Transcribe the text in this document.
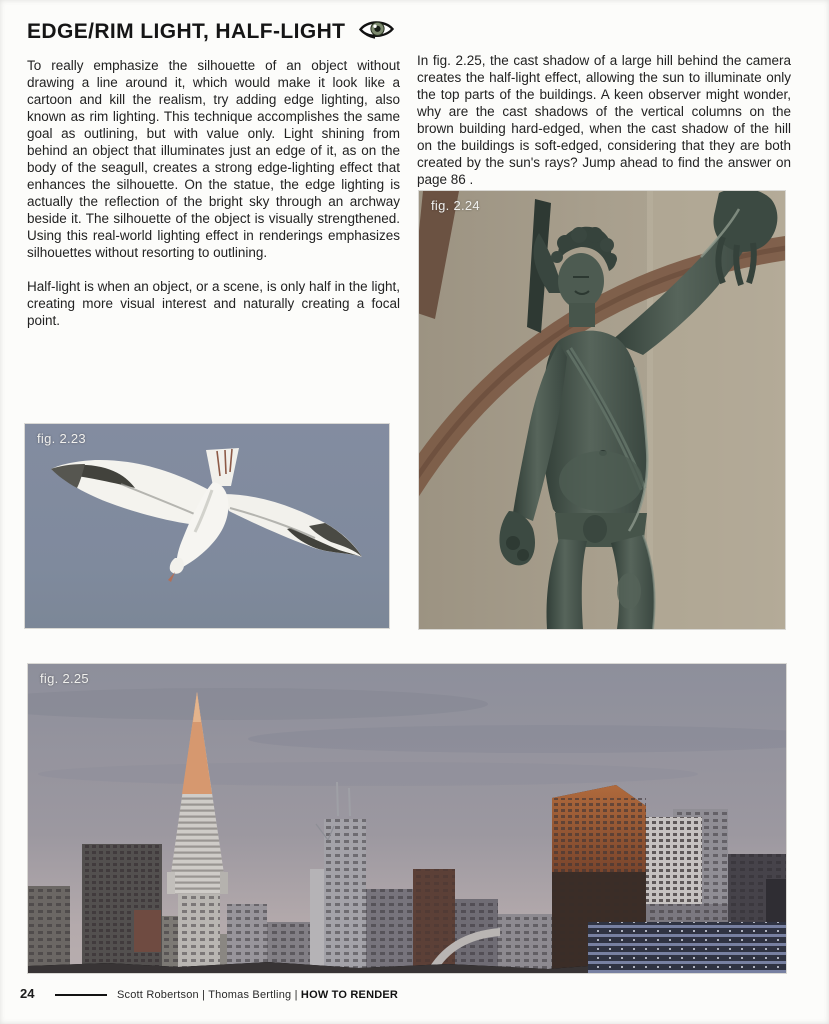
EDGE/RIM LIGHT, HALF-LIGHT

To really emphasize the silhouette of an object without drawing a line around it, which would make it look like a cartoon and kill the realism, try adding edge lighting, also known as rim lighting. This technique accomplishes the same goal as outlining, but with value only. Light shining from behind an object that illuminates just an edge of it, as on the body of the seagull, creates a strong edge-lighting effect that enhances the silhouette. On the statue, the edge lighting is actually the reflection of the bright sky through an archway beside it. The silhouette of the object is visually strengthened. Using this real-world lighting effect in renderings emphasizes silhouettes without resorting to outlining.

Half-light is when an object, or a scene, is only half in the light, creating more visual interest and naturally creating a focal point.

In fig. 2.25, the cast shadow of a large hill behind the camera creates the half-light effect, allowing the sun to illuminate only the top parts of the buildings. A keen observer might wonder, why are the cast shadows of the vertical columns on the brown building hard-edged, when the cast shadow of the hill on the buildings is soft-edged, considering that they are both created by the sun's rays? Jump ahead to find the answer on page 86 .

fig. 2.23
fig. 2.24
fig. 2.25
24	Scott Robertson | Thomas Bertling | HOW TO RENDER
